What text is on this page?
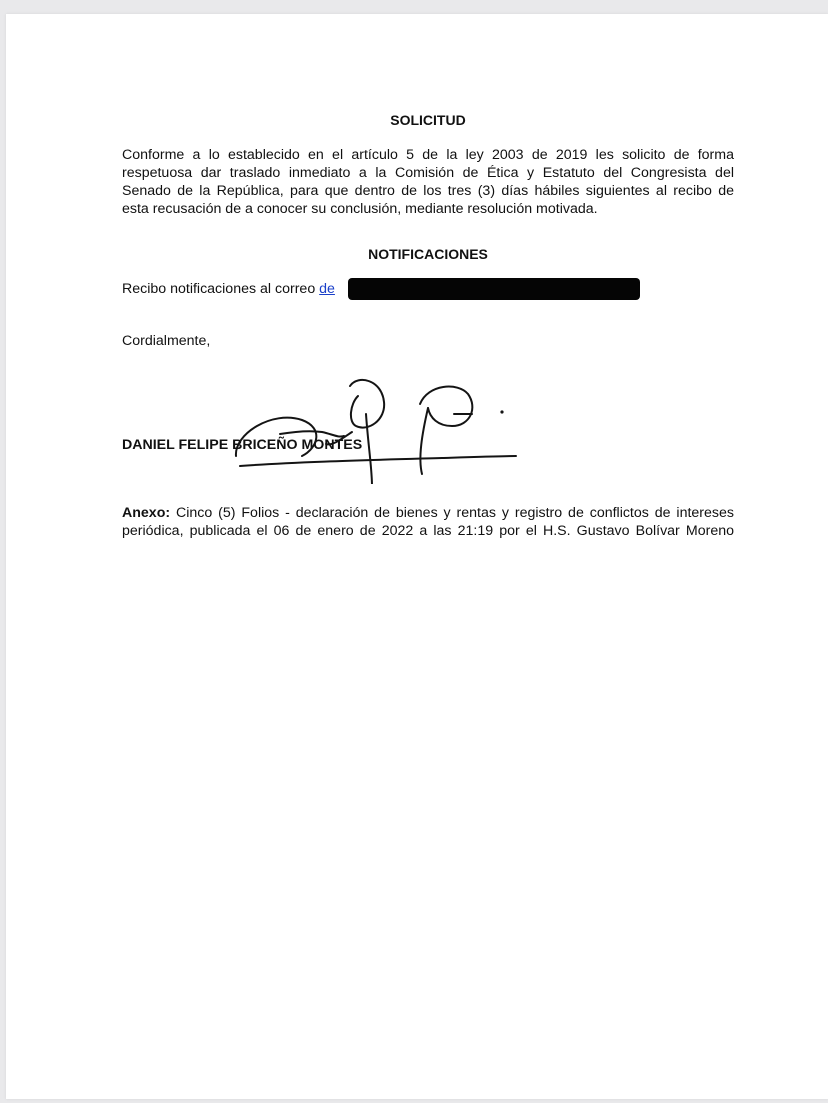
SOLICITUD
Conforme a lo establecido en el artículo 5 de la ley 2003 de 2019 les solicito de forma
respetuosa dar traslado inmediato a la Comisión de Ética y Estatuto del Congresista del
Senado de la República, para que dentro de los tres (3) días hábiles siguientes al recibo de
esta recusación de a conocer su conclusión, mediante resolución motivada.
NOTIFICACIONES
Recibo notificaciones al correo de
Cordialmente,
DANIEL FELIPE BRICEÑO MONTES
Anexo: Cinco (5) Folios - declaración de bienes y rentas y registro de conflictos de intereses
periódica, publicada el 06 de enero de 2022 a las 21:19 por el H.S. Gustavo Bolívar Moreno
